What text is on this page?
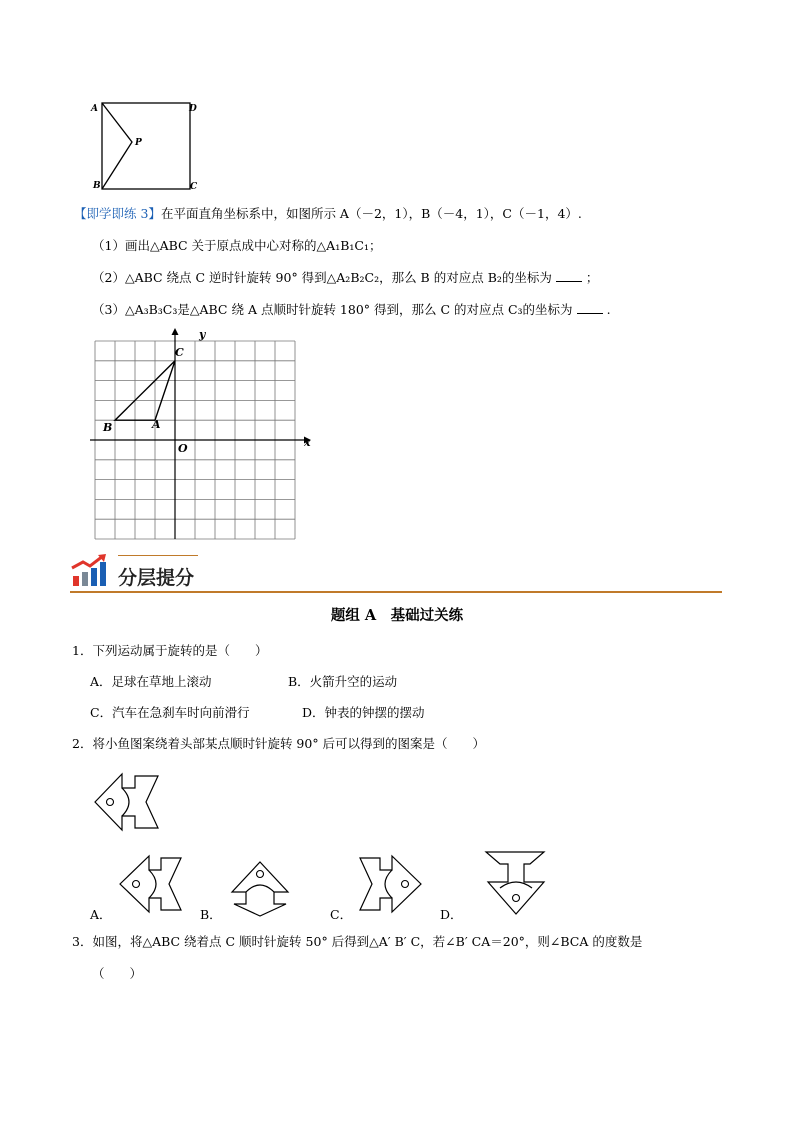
A	D
P
B	C
【即学即练 3】在平面直角坐标系中，如图所示 A（－2，1），B（－4，1），C（－1，4）.
（1）画出△ABC 关于原点成中心对称的△A₁B₁C₁；
（2）△ABC 绕点 C 逆时针旋转 90° 得到△A₂B₂C₂，那么 B 的对应点 B₂的坐标为	；
（3）△A₃B₃C₃是△ABC 绕 A 点顺时针旋转 180° 得到，那么 C 的对应点 C₃的坐标为	.
y
x
C
B	A
O
分层提分
题组 A　基础过关练
1．下列运动属于旋转的是（　　）
A．足球在草地上滚动	B．火箭升空的运动
C．汽车在急刹车时向前滑行	D．钟表的钟摆的摆动
2．将小鱼图案绕着头部某点顺时针旋转 90° 后可以得到的图案是（　　）
A．	B．	C．	D．
3．如图，将△ABC 绕着点 C 顺时针旋转 50° 后得到△A′ B′ C，若∠B′ CA＝20°，则∠BCA 的度数是
（　　）
